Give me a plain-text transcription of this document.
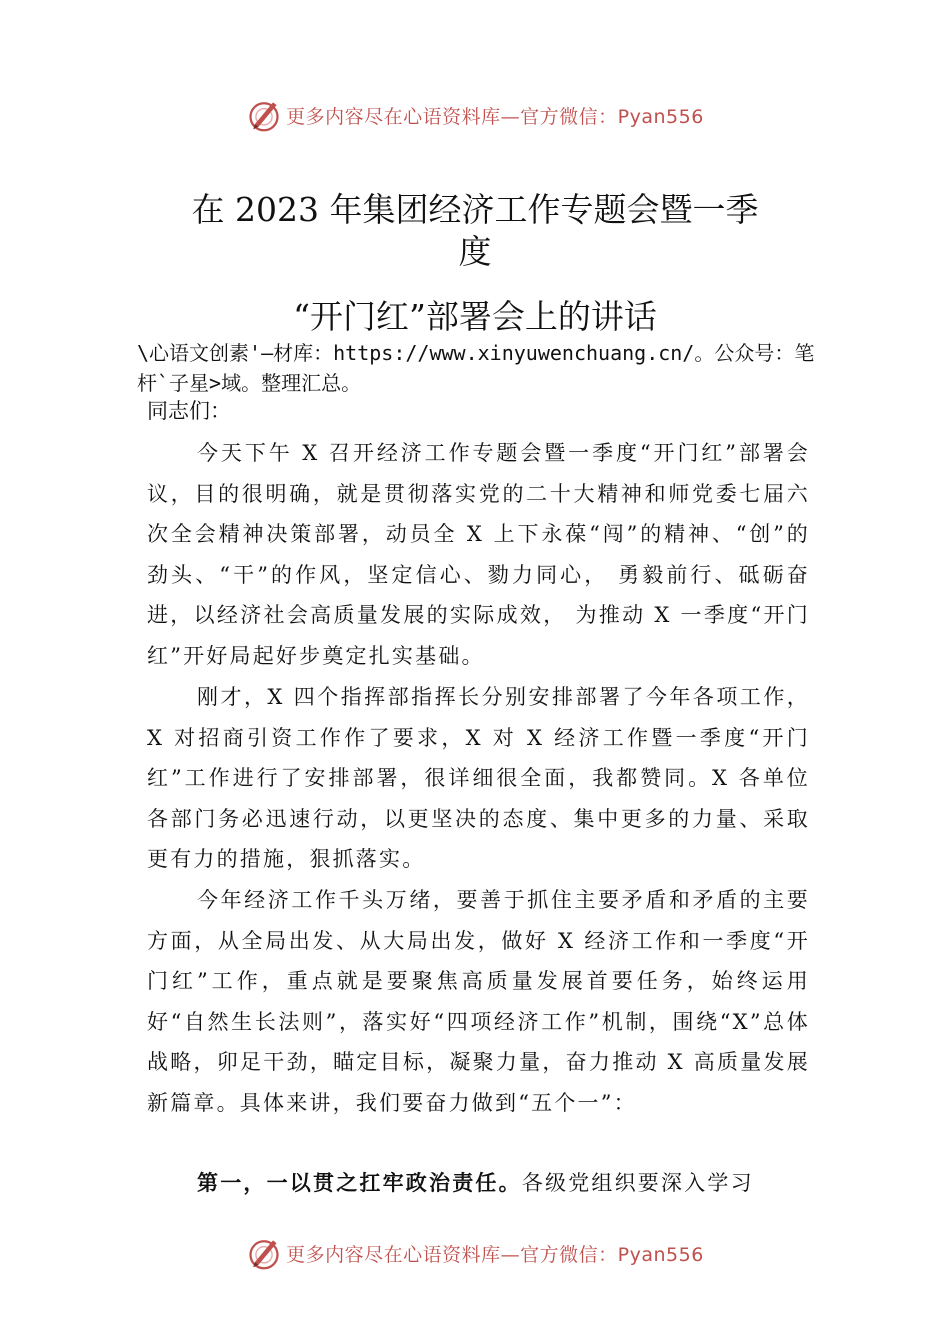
更多内容尽在心语资料库—官方微信：Pyan556
在 2023 年集团经济工作专题会暨一季
度
“开门红”部署会上的讲话

\心语文创素'—材库：https://www.xinyuwenchuang.cn/。公众号：笔杆`子星>域。整理汇总。

同志们：

今天下午 X 召开经济工作专题会暨一季度“开门红”部署会议，目的很明确，就是贯彻落实党的二十大精神和师党委七届六次全会精神决策部署，动员全 X 上下永葆“闯”的精神、“创”的劲头、“干”的作风，坚定信心、勠力同心， 勇毅前行、砥砺奋进，以经济社会高质量发展的实际成效， 为推动 X 一季度“开门红”开好局起好步奠定扎实基础。

刚才，X 四个指挥部指挥长分别安排部署了今年各项工作，X 对招商引资工作作了要求，X 对 X 经济工作暨一季度“开门红”工作进行了安排部署，很详细很全面，我都赞同。X 各单位各部门务必迅速行动，以更坚决的态度、集中更多的力量、采取更有力的措施，狠抓落实。

今年经济工作千头万绪，要善于抓住主要矛盾和矛盾的主要方面，从全局出发、从大局出发，做好 X 经济工作和一季度“开门红”工作，重点就是要聚焦高质量发展首要任务，始终运用好“自然生长法则”，落实好“四项经济工作”机制，围绕“X”总体战略，卯足干劲，瞄定目标，凝聚力量，奋力推动 X 高质量发展新篇章。具体来讲，我们要奋力做到“五个一”：

第一，一以贯之扛牢政治责任。各级党组织要深入学习

更多内容尽在心语资料库—官方微信：Pyan556
